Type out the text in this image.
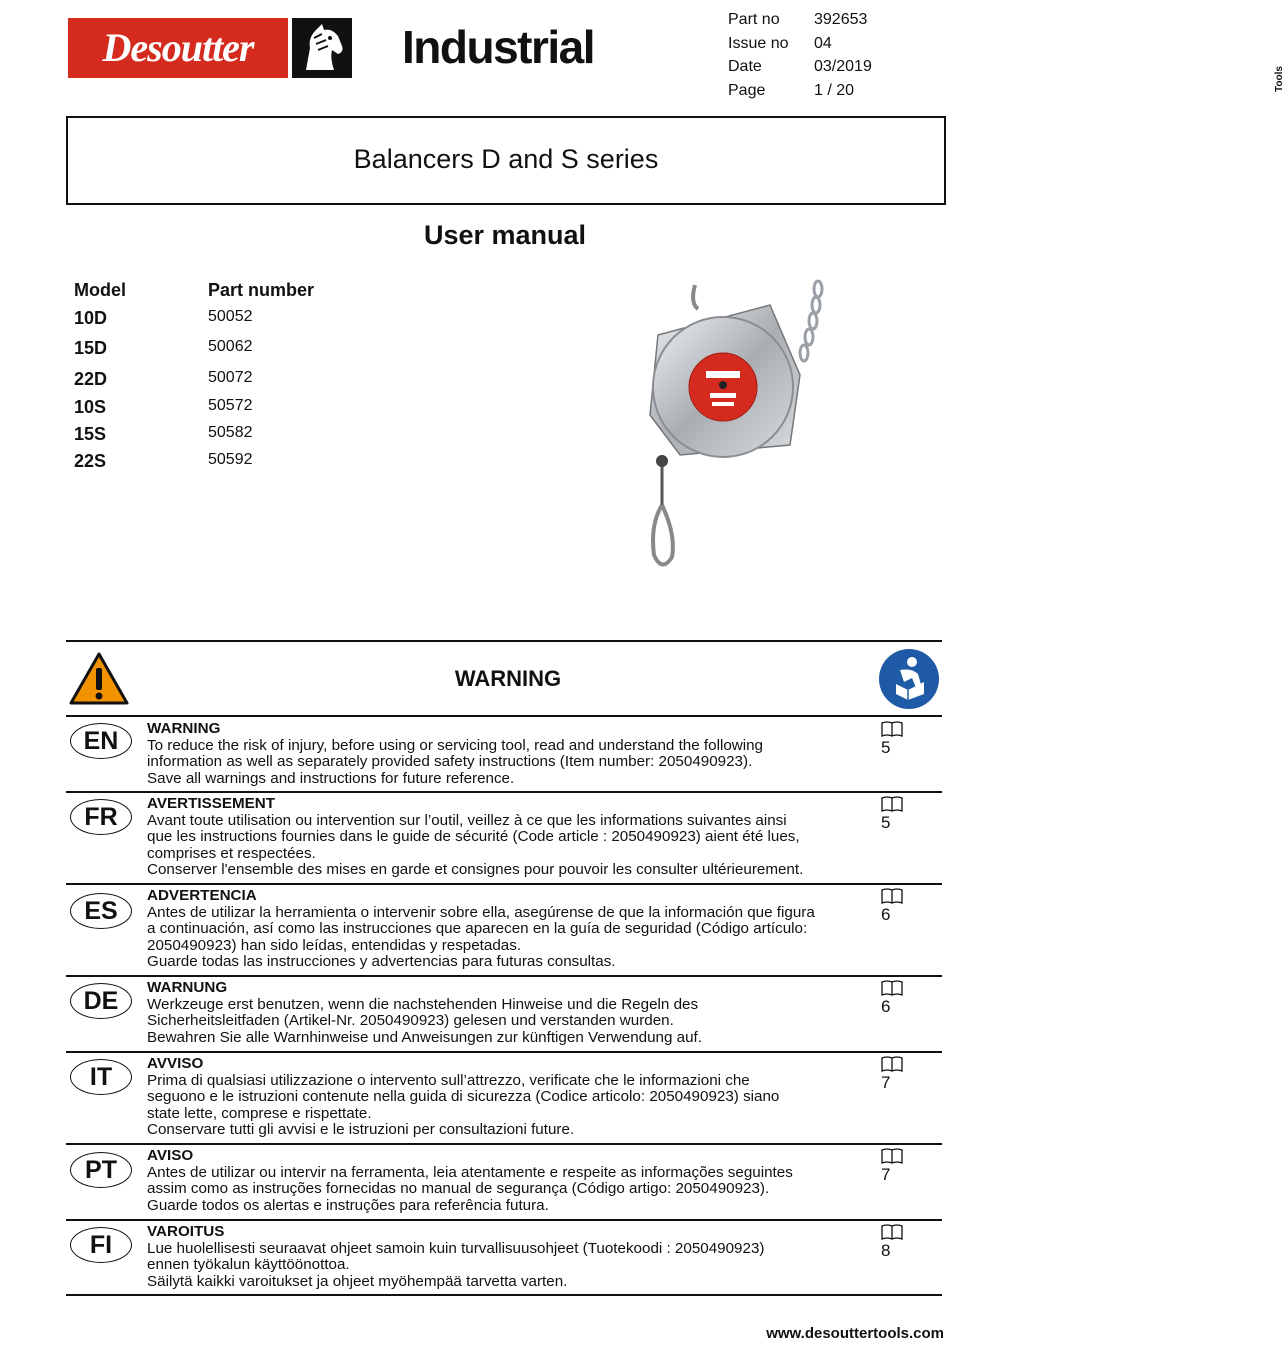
Desoutter	Industrial
Tools
Part no	392653
Issue no	04
Date	03/2019
Page	1 / 20
Balancers D and S series
User manual
Model	Part number
10D	50052
15D	50062
22D	50072
10S	50572
15S	50582
22S	50592
WARNING
EN	WARNING
To reduce the risk of injury, before using or servicing tool, read and understand the following
information as well as separately provided safety instructions (Item number: 2050490923).
Save all warnings and instructions for future reference.
5
FR	AVERTISSEMENT
Avant toute utilisation ou intervention sur l’outil, veillez à ce que les informations suivantes ainsi
que les instructions fournies dans le guide de sécurité (Code article : 2050490923) aient été lues,
comprises et respectées.
Conserver l'ensemble des mises en garde et consignes pour pouvoir les consulter ultérieurement.
5
ES
ADVERTENCIA
Antes de utilizar la herramienta o intervenir sobre ella, asegúrense de que la información que figura
a continuación, así como las instrucciones que aparecen en la guía de seguridad (Código artículo:
2050490923) han sido leídas, entendidas y respetadas.
Guarde todas las instrucciones y advertencias para futuras consultas.
6
DE	WARNUNG
Werkzeuge erst benutzen, wenn die nachstehenden Hinweise und die Regeln des
Sicherheitsleitfaden (Artikel-Nr. 2050490923) gelesen und verstanden wurden.
Bewahren Sie alle Warnhinweise und Anweisungen zur künftigen Verwendung auf.
6
IT	AVVISO
Prima di qualsiasi utilizzazione o intervento sull’attrezzo, verificate che le informazioni che
seguono e le istruzioni contenute nella guida di sicurezza (Codice articolo: 2050490923) siano
state lette, comprese e rispettate.
Conservare tutti gli avvisi e le istruzioni per consultazioni future.
7
PT
AVISO
Antes de utilizar ou intervir na ferramenta, leia atentamente e respeite as informações seguintes
assim como as instruções fornecidas no manual de segurança (Código artigo: 2050490923).
Guarde todos os alertas e instruções para referência futura.
7
FI	VAROITUS
Lue huolellisesti seuraavat ohjeet samoin kuin turvallisuusohjeet (Tuotekoodi : 2050490923)
ennen työkalun käyttöönottoa.
Säilytä kaikki varoitukset ja ohjeet myöhempää tarvetta varten.
8
www.desouttertools.com
